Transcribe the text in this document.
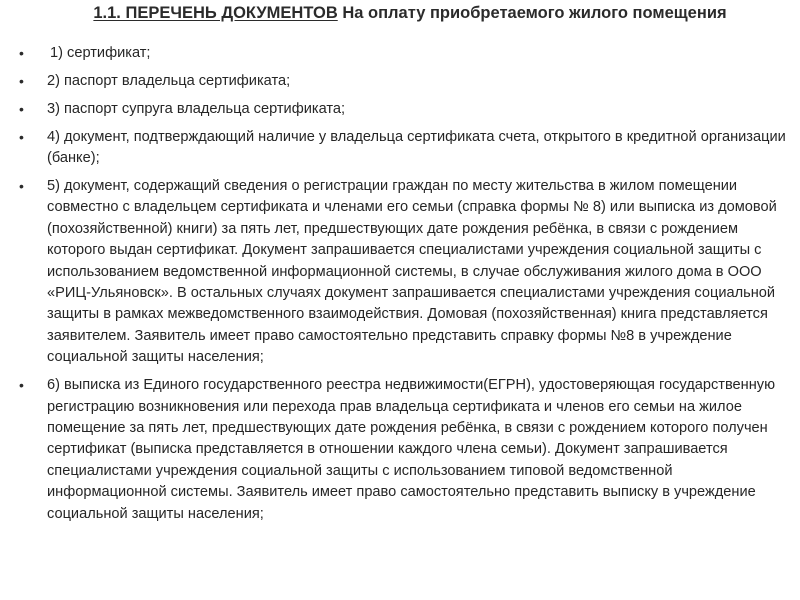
1.1. ПЕРЕЧЕНЬ ДОКУМЕНТОВ На оплату приобретаемого жилого помещения
• 1) сертификат;
• 2) паспорт владельца сертификата;
• 3) паспорт супруга владельца сертификата;
• 4) документ, подтверждающий наличие у владельца сертификата счета, открытого в кредитной организации (банке);
• 5) документ, содержащий сведения о регистрации граждан по месту жительства в жилом помещении совместно с владельцем сертификата и членами его семьи (справка формы № 8) или выписка из домовой (похозяйственной) книги) за пять лет, предшествующих дате рождения ребёнка, в связи с рождением которого выдан сертификат. Документ запрашивается специалистами учреждения социальной защиты с использованием ведомственной информационной системы, в случае обслуживания жилого дома в ООО «РИЦ-Ульяновск». В остальных случаях документ запрашивается специалистами учреждения социальной защиты в рамках межведомственного взаимодействия. Домовая (похозяйственная) книга представляется заявителем. Заявитель имеет право самостоятельно представить справку формы №8 в учреждение социальной защиты населения;
• 6) выписка из Единого государственного реестра недвижимости(ЕГРН), удостоверяющая государственную регистрацию возникновения или перехода прав владельца сертификата и членов его семьи на жилое помещение за пять лет, предшествующих дате рождения ребёнка, в связи с рождением которого получен сертификат (выписка представляется в отношении каждого члена семьи). Документ запрашивается специалистами учреждения социальной защиты с использованием типовой ведомственной информационной системы. Заявитель имеет право самостоятельно представить выписку в учреждение социальной защиты населения;
